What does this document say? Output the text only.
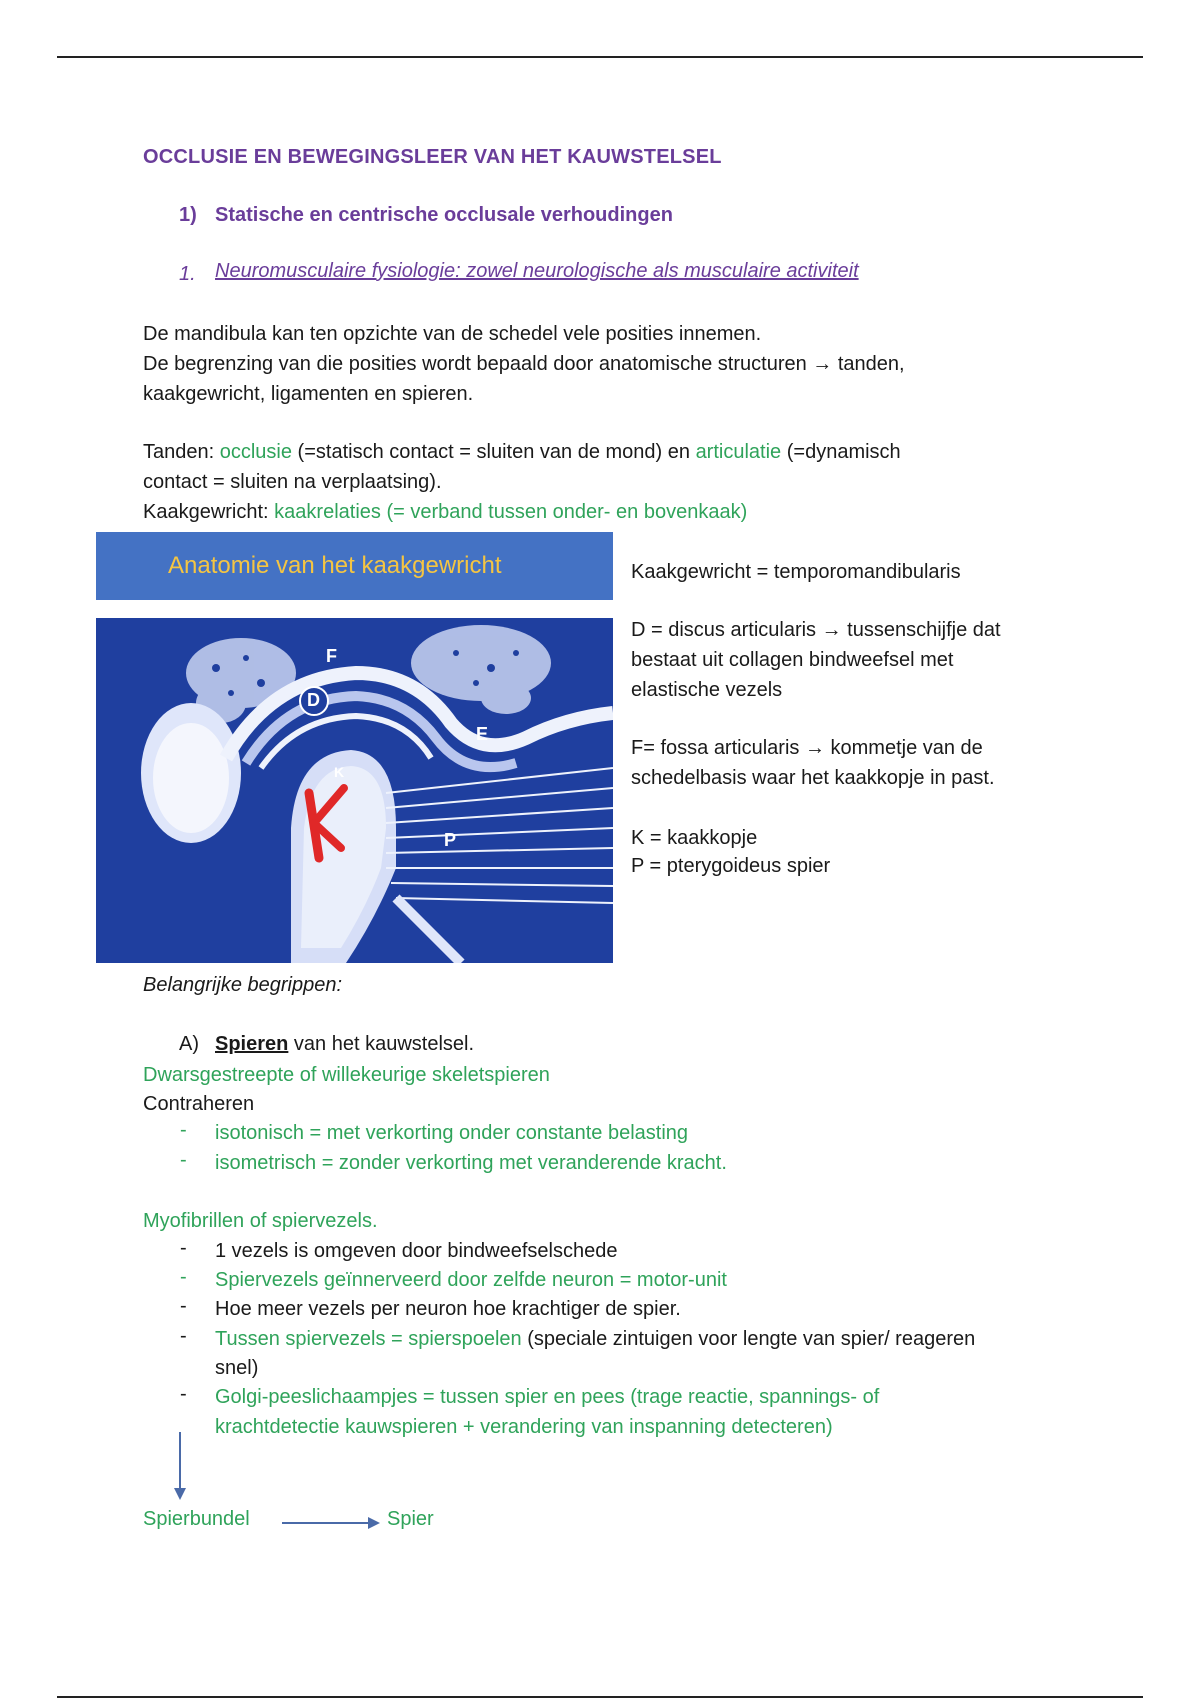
OCCLUSIE EN BEWEGINGSLEER VAN HET KAUWSTELSEL
1) Statische en centrische occlusale verhoudingen
1. Neuromusculaire fysiologie: zowel neurologische als musculaire activiteit
De mandibula kan ten opzichte van de schedel vele posities innemen.
De begrenzing van die posities wordt bepaald door anatomische structuren → tanden,
kaakgewricht, ligamenten en spieren.
Tanden: occlusie (=statisch contact = sluiten van de mond) en articulatie (=dynamisch
contact = sluiten na verplaatsing).
Kaakgewricht: kaakrelaties (= verband tussen onder- en bovenkaak)
Anatomie van het kaakgewricht
F
D
E
K
P
Kaakgewricht = temporomandibularis
D = discus articularis → tussenschijfje dat
bestaat uit collagen bindweefsel met
elastische vezels
F= fossa articularis → kommetje van de
schedelbasis waar het kaakkopje in past.
K = kaakkopje
P = pterygoideus spier
Belangrijke begrippen:
A) Spieren van het kauwstelsel.
Dwarsgestreepte of willekeurige skeletspieren
Contraheren
- isotonisch = met verkorting onder constante belasting
- isometrisch = zonder verkorting met veranderende kracht.
Myofibrillen of spiervezels.
- 1 vezels is omgeven door bindweefselschede
- Spiervezels geïnnerveerd door zelfde neuron = motor-unit
- Hoe meer vezels per neuron hoe krachtiger de spier.
- Tussen spiervezels = spierspoelen (speciale zintuigen voor lengte van spier/ reageren
snel)
- Golgi-peeslichaampjes = tussen spier en pees (trage reactie, spannings- of
krachtdetectie kauwspieren + verandering van inspanning detecteren)
Spierbundel	Spier
